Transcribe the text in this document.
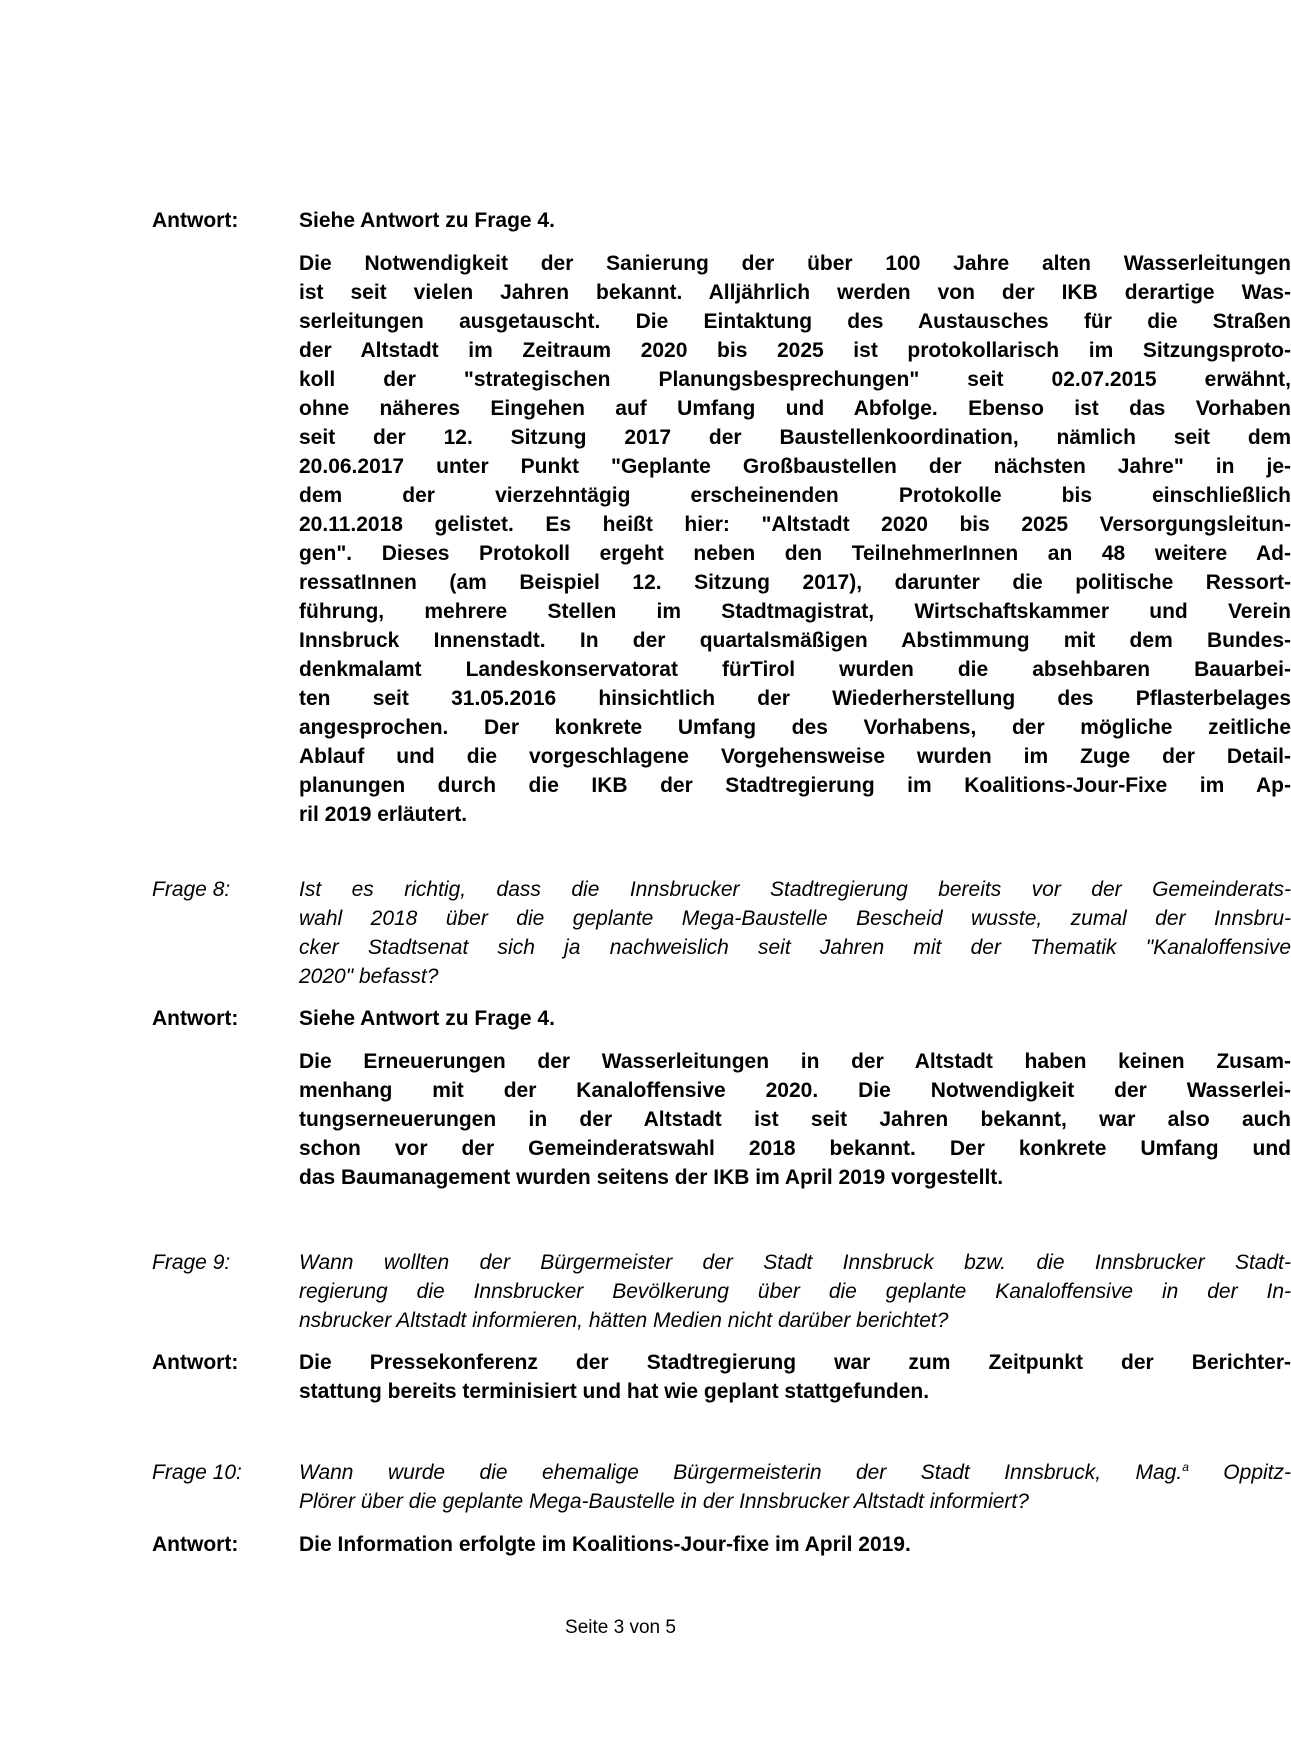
Antwort:	Siehe Antwort zu Frage 4.
Die Notwendigkeit der Sanierung der über 100 Jahre alten Wasserleitungen
ist seit vielen Jahren bekannt. Alljährlich werden von der IKB derartige Was-
serleitungen ausgetauscht. Die Eintaktung des Austausches für die Straßen
der Altstadt im Zeitraum 2020 bis 2025 ist protokollarisch im Sitzungsproto-
koll der "strategischen Planungsbesprechungen" seit 02.07.2015 erwähnt,
ohne näheres Eingehen auf Umfang und Abfolge. Ebenso ist das Vorhaben
seit der 12. Sitzung 2017 der Baustellenkoordination, nämlich seit dem
20.06.2017 unter Punkt "Geplante Großbaustellen der nächsten Jahre" in je-
dem der vierzehntägig erscheinenden Protokolle bis einschließlich
20.11.2018 gelistet. Es heißt hier: "Altstadt 2020 bis 2025 Versorgungsleitun-
gen". Dieses Protokoll ergeht neben den TeilnehmerInnen an 48 weitere Ad-
ressatInnen (am Beispiel 12. Sitzung 2017), darunter die politische Ressort-
führung, mehrere Stellen im Stadtmagistrat, Wirtschaftskammer und Verein
Innsbruck Innenstadt. In der quartalsmäßigen Abstimmung mit dem Bundes-
denkmalamt Landeskonservatorat fürTirol wurden die absehbaren Bauarbei-
ten seit 31.05.2016 hinsichtlich der Wiederherstellung des Pflasterbelages
angesprochen. Der konkrete Umfang des Vorhabens, der mögliche zeitliche
Ablauf und die vorgeschlagene Vorgehensweise wurden im Zuge der Detail-
planungen durch die IKB der Stadtregierung im Koalitions-Jour-Fixe im Ap-
ril 2019 erläutert.
Frage 8:	Ist es richtig, dass die Innsbrucker Stadtregierung bereits vor der Gemeinderats-
wahl 2018 über die geplante Mega-Baustelle Bescheid wusste, zumal der Innsbru-
cker Stadtsenat sich ja nachweislich seit Jahren mit der Thematik "Kanaloffensive
2020" befasst?
Antwort:	Siehe Antwort zu Frage 4.
Die Erneuerungen der Wasserleitungen in der Altstadt haben keinen Zusam-
menhang mit der Kanaloffensive 2020. Die Notwendigkeit der Wasserlei-
tungserneuerungen in der Altstadt ist seit Jahren bekannt, war also auch
schon vor der Gemeinderatswahl 2018 bekannt. Der konkrete Umfang und
das Baumanagement wurden seitens der IKB im April 2019 vorgestellt.
Frage 9:	Wann wollten der Bürgermeister der Stadt Innsbruck bzw. die Innsbrucker Stadt-
regierung die Innsbrucker Bevölkerung über die geplante Kanaloffensive in der In-
nsbrucker Altstadt informieren, hätten Medien nicht darüber berichtet?
Antwort:	Die Pressekonferenz der Stadtregierung war zum Zeitpunkt der Berichter-
stattung bereits terminisiert und hat wie geplant stattgefunden.
Frage 10:	Wann wurde die ehemalige Bürgermeisterin der Stadt Innsbruck, Mag.$^a$ Oppitz-
Plörer über die geplante Mega-Baustelle in der Innsbrucker Altstadt informiert?
Antwort:	Die Information erfolgte im Koalitions-Jour-fixe im April 2019.
Seite 3 von 5
